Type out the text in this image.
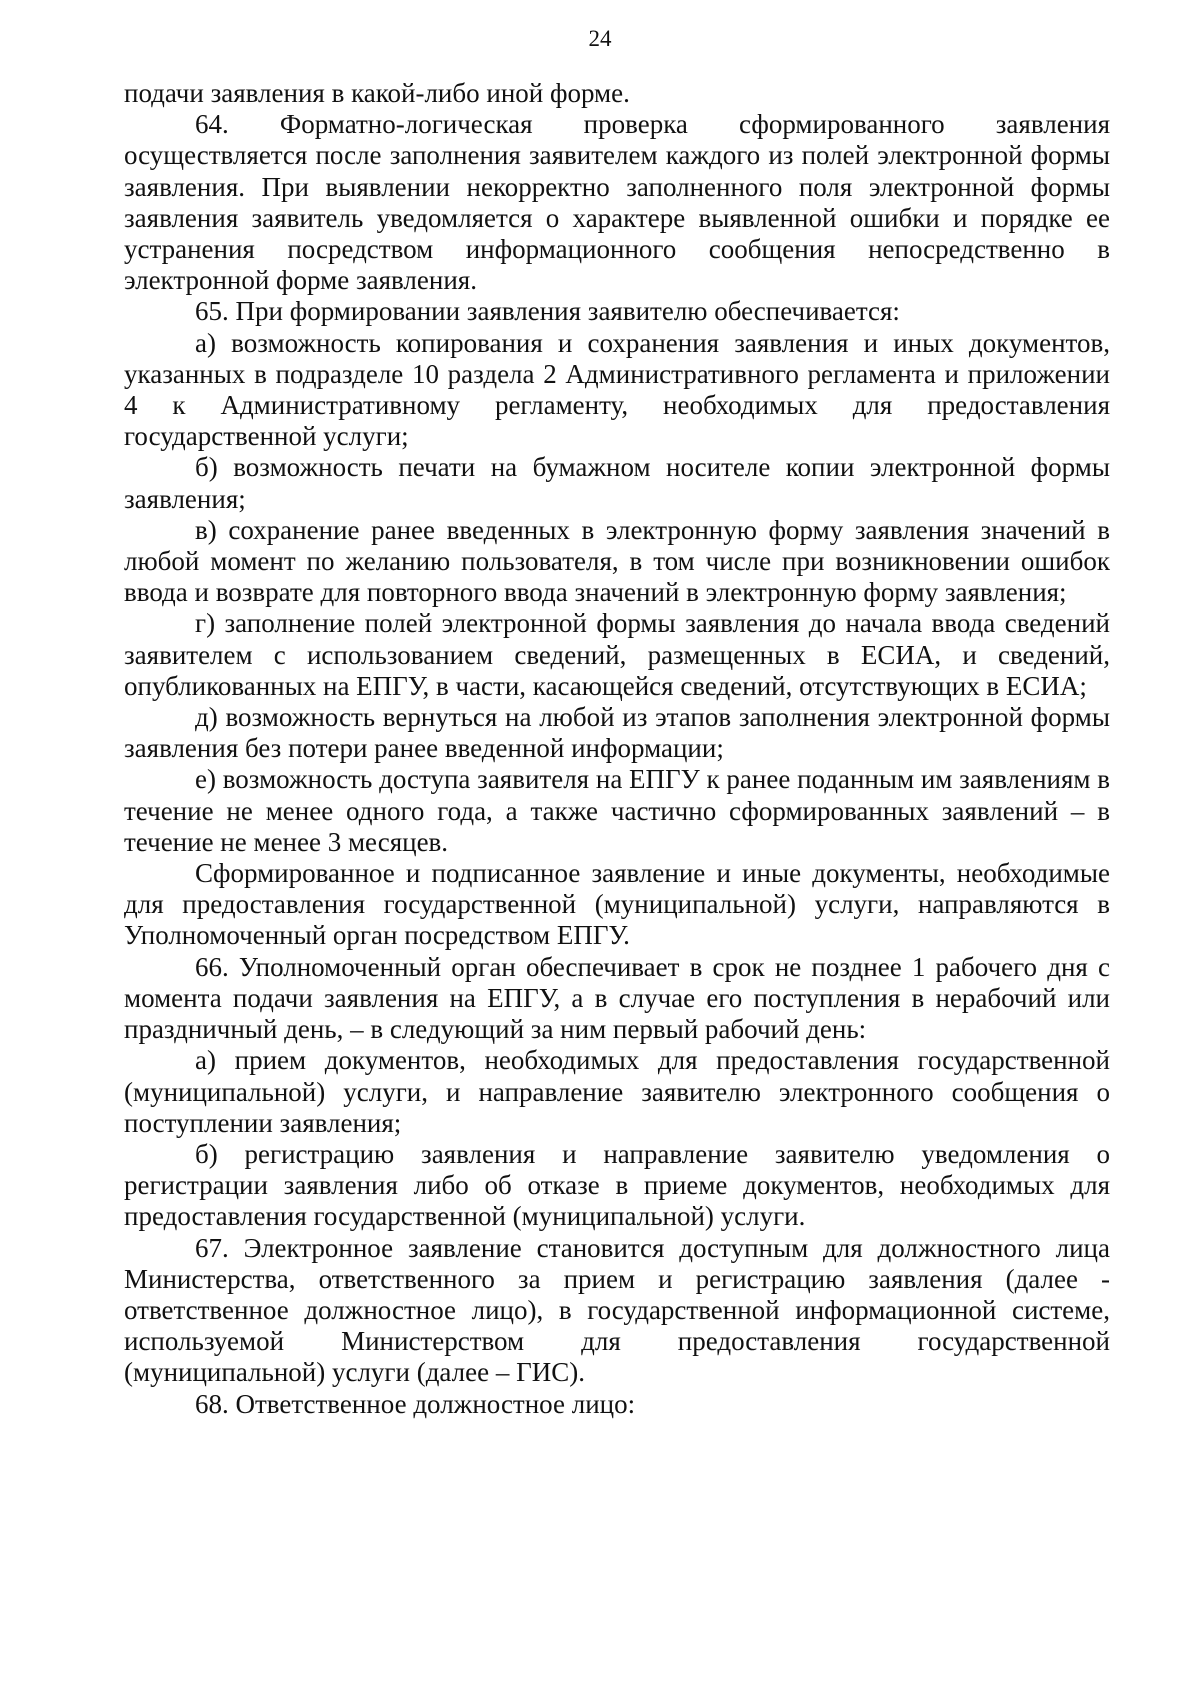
24

подачи заявления в какой-либо иной форме.

64. Форматно-логическая проверка сформированного заявления осуществляется после заполнения заявителем каждого из полей электронной формы заявления. При выявлении некорректно заполненного поля электронной формы заявления заявитель уведомляется о характере выявленной ошибки и порядке ее устранения посредством информационного сообщения непосредственно в электронной форме заявления.

65. При формировании заявления заявителю обеспечивается:

а) возможность копирования и сохранения заявления и иных документов, указанных в подразделе 10 раздела 2 Административного регламента и приложении 4 к Административному регламенту, необходимых для предоставления государственной услуги;

б) возможность печати на бумажном носителе копии электронной формы заявления;

в) сохранение ранее введенных в электронную форму заявления значений в любой момент по желанию пользователя, в том числе при возникновении ошибок ввода и возврате для повторного ввода значений в электронную форму заявления;

г) заполнение полей электронной формы заявления до начала ввода сведений заявителем с использованием сведений, размещенных в ЕСИА, и сведений, опубликованных на ЕПГУ, в части, касающейся сведений, отсутствующих в ЕСИА;

д) возможность вернуться на любой из этапов заполнения электронной формы заявления без потери ранее введенной информации;

е) возможность доступа заявителя на ЕПГУ к ранее поданным им заявлениям в течение не менее одного года, а также частично сформированных заявлений – в течение не менее 3 месяцев.

Сформированное и подписанное заявление и иные документы, необходимые для предоставления государственной (муниципальной) услуги, направляются в Уполномоченный орган посредством ЕПГУ.

66. Уполномоченный орган обеспечивает в срок не позднее 1 рабочего дня с момента подачи заявления на ЕПГУ, а в случае его поступления в нерабочий или праздничный день, – в следующий за ним первый рабочий день:

а) прием документов, необходимых для предоставления государственной (муниципальной) услуги, и направление заявителю электронного сообщения о поступлении заявления;

б) регистрацию заявления и направление заявителю уведомления о регистрации заявления либо об отказе в приеме документов, необходимых для предоставления государственной (муниципальной) услуги.

67. Электронное заявление становится доступным для должностного лица Министерства, ответственного за прием и регистрацию заявления (далее - ответственное должностное лицо), в государственной информационной системе, используемой Министерством для предоставления государственной (муниципальной) услуги (далее – ГИС).

68. Ответственное должностное лицо:
